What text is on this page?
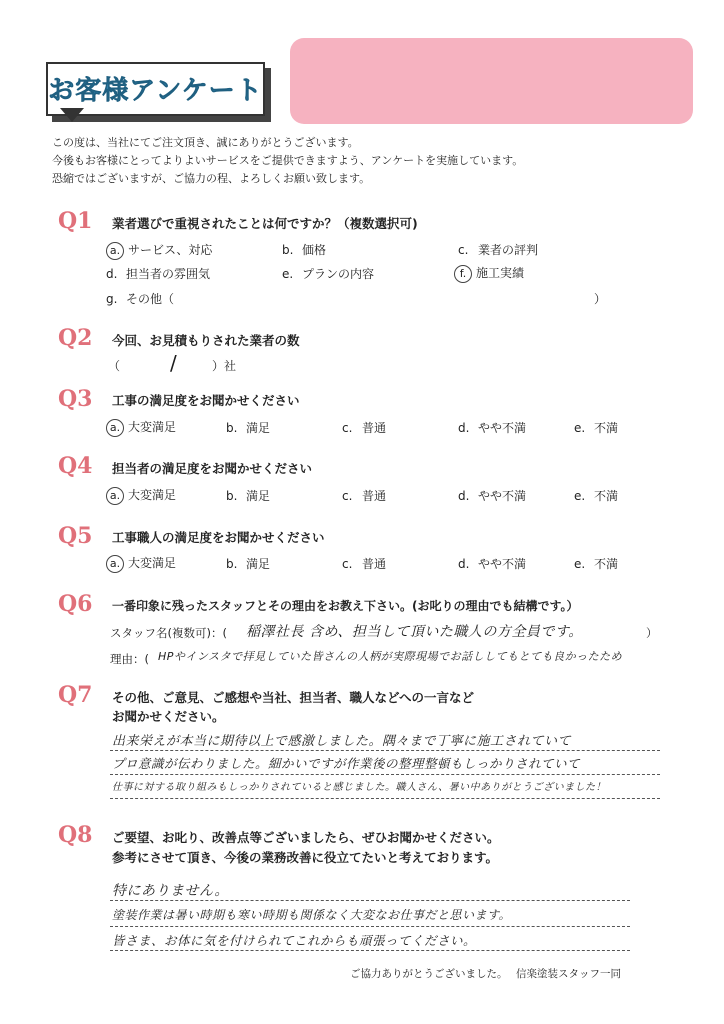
お客様アンケート
この度は、当社にてご注文頂き、誠にありがとうございます。
今後もお客様にとってよりよいサービスをご提供できますよう、アンケートを実施しています。
恐縮ではございますが、ご協力の程、よろしくお願い致します。
Q1 業者選びで重視されたことは何ですか？（複数選択可)
a. サービス、対応	b. 価格	c. 業者の評判
d. 担当者の雰囲気	e. プランの内容	f. 施工実績
g. その他（	）
Q2 今回、お見積もりされた業者の数
（ /	）社
Q3 工事の満足度をお聞かせください
a. 大変満足	b. 満足	c. 普通	d. やや不満	e. 不満
Q4 担当者の満足度をお聞かせください
a. 大変満足	b. 満足	c. 普通	d. やや不満	e. 不満
Q5 工事職人の満足度をお聞かせください
a. 大変満足	b. 満足	c. 普通	d. やや不満	e. 不満
Q6 一番印象に残ったスタッフとその理由をお教え下さい。(お叱りの理由でも結構です。）
スタッフ名(複数可)：( 稲澤社長 含め、担当して頂いた職人の方全員です。	）
理由：( HPやインスタで拝見していた皆さんの人柄が実際現場でお話ししてもとても良かったため
Q7 その他、ご意見、ご感想や当社、担当者、職人などへの一言など
お聞かせください。
出来栄えが本当に期待以上で感激しました。隅々まで丁寧に施工されていて
プロ意識が伝わりました。細かいですが作業後の整理整頓もしっかりされていて
仕事に対する取り組みもしっかりされていると感じました。職人さん、暑い中ありがとうございました！
Q8 ご要望、お叱り、改善点等ございましたら、ぜひお聞かせください。
参考にさせて頂き、今後の業務改善に役立てたいと考えております。
特にありません。
塗装作業は暑い時期も寒い時期も関係なく大変なお仕事だと思います。
皆さま、お体に気を付けられてこれからも頑張ってください。
ご協力ありがとうございました。 信楽塗装スタッフ一同
